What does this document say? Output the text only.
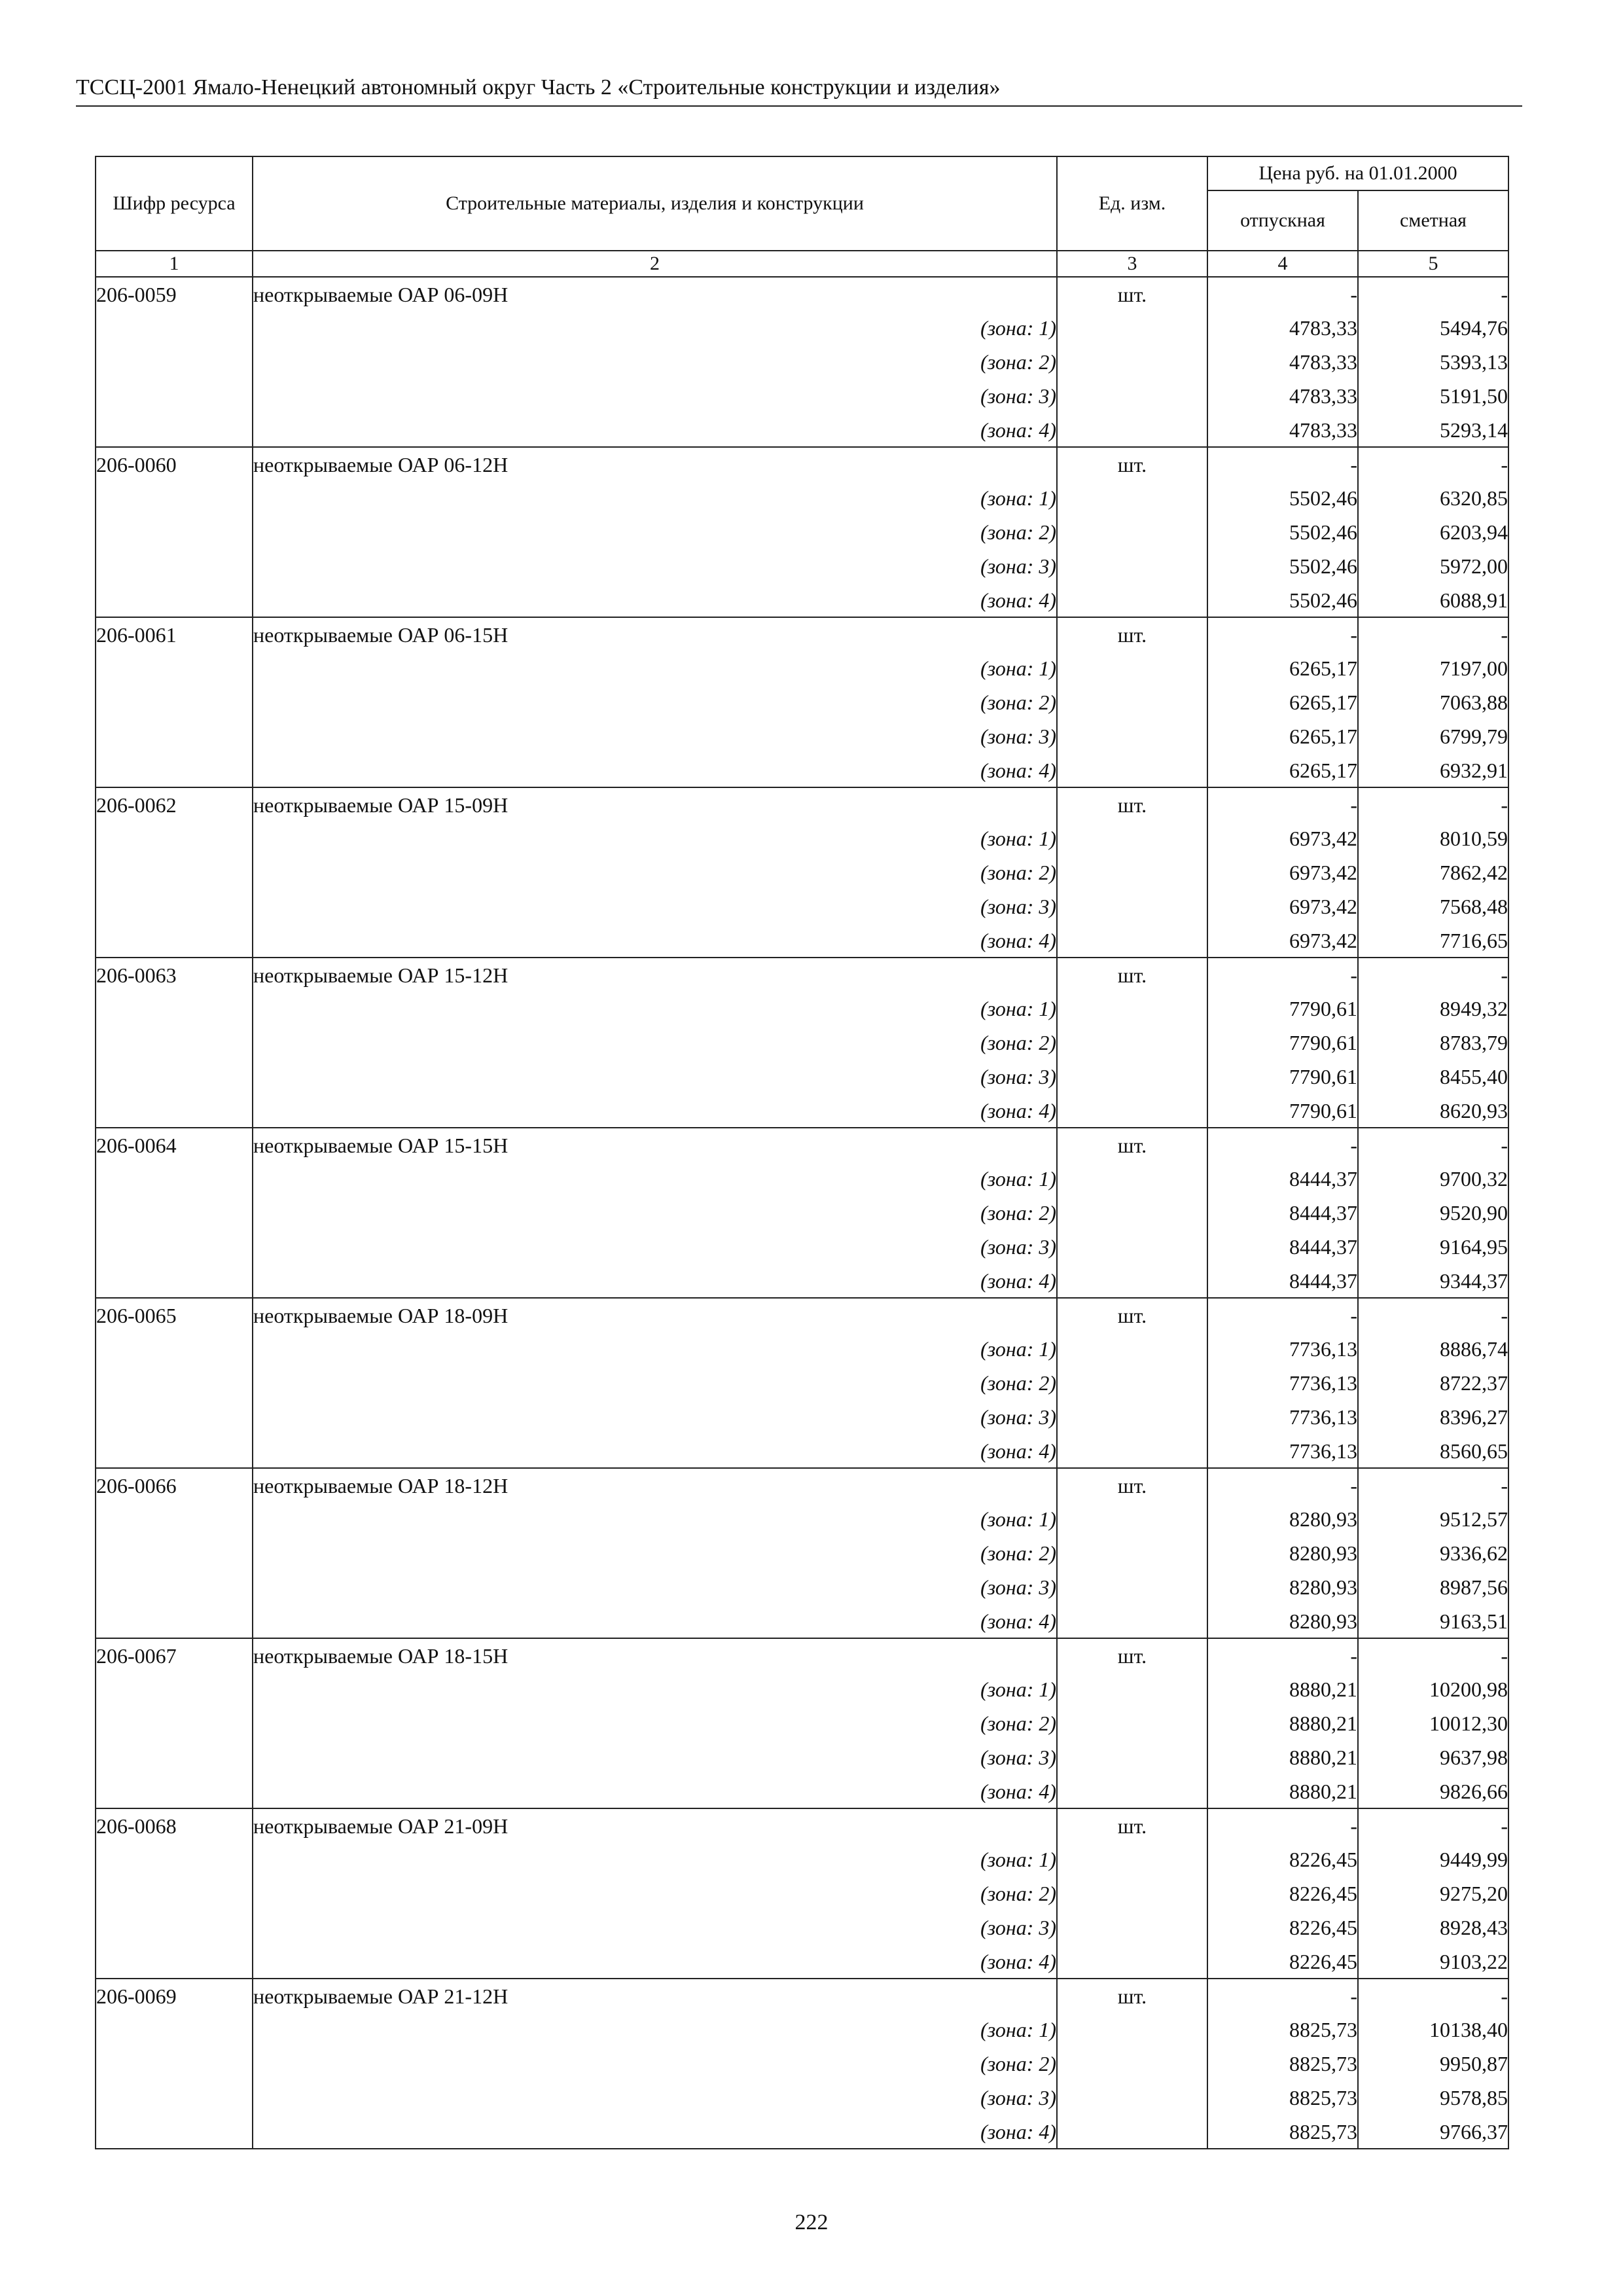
ТССЦ-2001 Ямало-Ненецкий автономный округ Часть 2 «Строительные конструкции и изделия»
Шифр ресурса	Строительные материалы, изделия и конструкции	Ед. изм.	Цена руб. на 01.01.2000	
			отпускная	сметная
1	2	3	4	5
206-0059	неоткрываемые ОАР 06-09Н	шт.	-	-
	(зона: 1)		4783,33	5494,76
	(зона: 2)		4783,33	5393,13
	(зона: 3)		4783,33	5191,50
	(зона: 4)		4783,33	5293,14
206-0060	неоткрываемые ОАР 06-12Н	шт.	-	-
	(зона: 1)		5502,46	6320,85
	(зона: 2)		5502,46	6203,94
	(зона: 3)		5502,46	5972,00
	(зона: 4)		5502,46	6088,91
206-0061	неоткрываемые ОАР 06-15Н	шт.	-	-
	(зона: 1)		6265,17	7197,00
	(зона: 2)		6265,17	7063,88
	(зона: 3)		6265,17	6799,79
	(зона: 4)		6265,17	6932,91
206-0062	неоткрываемые ОАР 15-09Н	шт.	-	-
	(зона: 1)		6973,42	8010,59
	(зона: 2)		6973,42	7862,42
	(зона: 3)		6973,42	7568,48
	(зона: 4)		6973,42	7716,65
206-0063	неоткрываемые ОАР 15-12Н	шт.	-	-
	(зона: 1)		7790,61	8949,32
	(зона: 2)		7790,61	8783,79
	(зона: 3)		7790,61	8455,40
	(зона: 4)		7790,61	8620,93
206-0064	неоткрываемые ОАР 15-15Н	шт.	-	-
	(зона: 1)		8444,37	9700,32
	(зона: 2)		8444,37	9520,90
	(зона: 3)		8444,37	9164,95
	(зона: 4)		8444,37	9344,37
206-0065	неоткрываемые ОАР 18-09Н	шт.	-	-
	(зона: 1)		7736,13	8886,74
	(зона: 2)		7736,13	8722,37
	(зона: 3)		7736,13	8396,27
	(зона: 4)		7736,13	8560,65
206-0066	неоткрываемые ОАР 18-12Н	шт.	-	-
	(зона: 1)		8280,93	9512,57
	(зона: 2)		8280,93	9336,62
	(зона: 3)		8280,93	8987,56
	(зона: 4)		8280,93	9163,51
206-0067	неоткрываемые ОАР 18-15Н	шт.	-	-
	(зона: 1)		8880,21	10200,98
	(зона: 2)		8880,21	10012,30
	(зона: 3)		8880,21	9637,98
	(зона: 4)		8880,21	9826,66
206-0068	неоткрываемые ОАР 21-09Н	шт.	-	-
	(зона: 1)		8226,45	9449,99
	(зона: 2)		8226,45	9275,20
	(зона: 3)		8226,45	8928,43
	(зона: 4)		8226,45	9103,22
206-0069	неоткрываемые ОАР 21-12Н	шт.	-	-
	(зона: 1)		8825,73	10138,40
	(зона: 2)		8825,73	9950,87
	(зона: 3)		8825,73	9578,85
	(зона: 4)		8825,73	9766,37
222
